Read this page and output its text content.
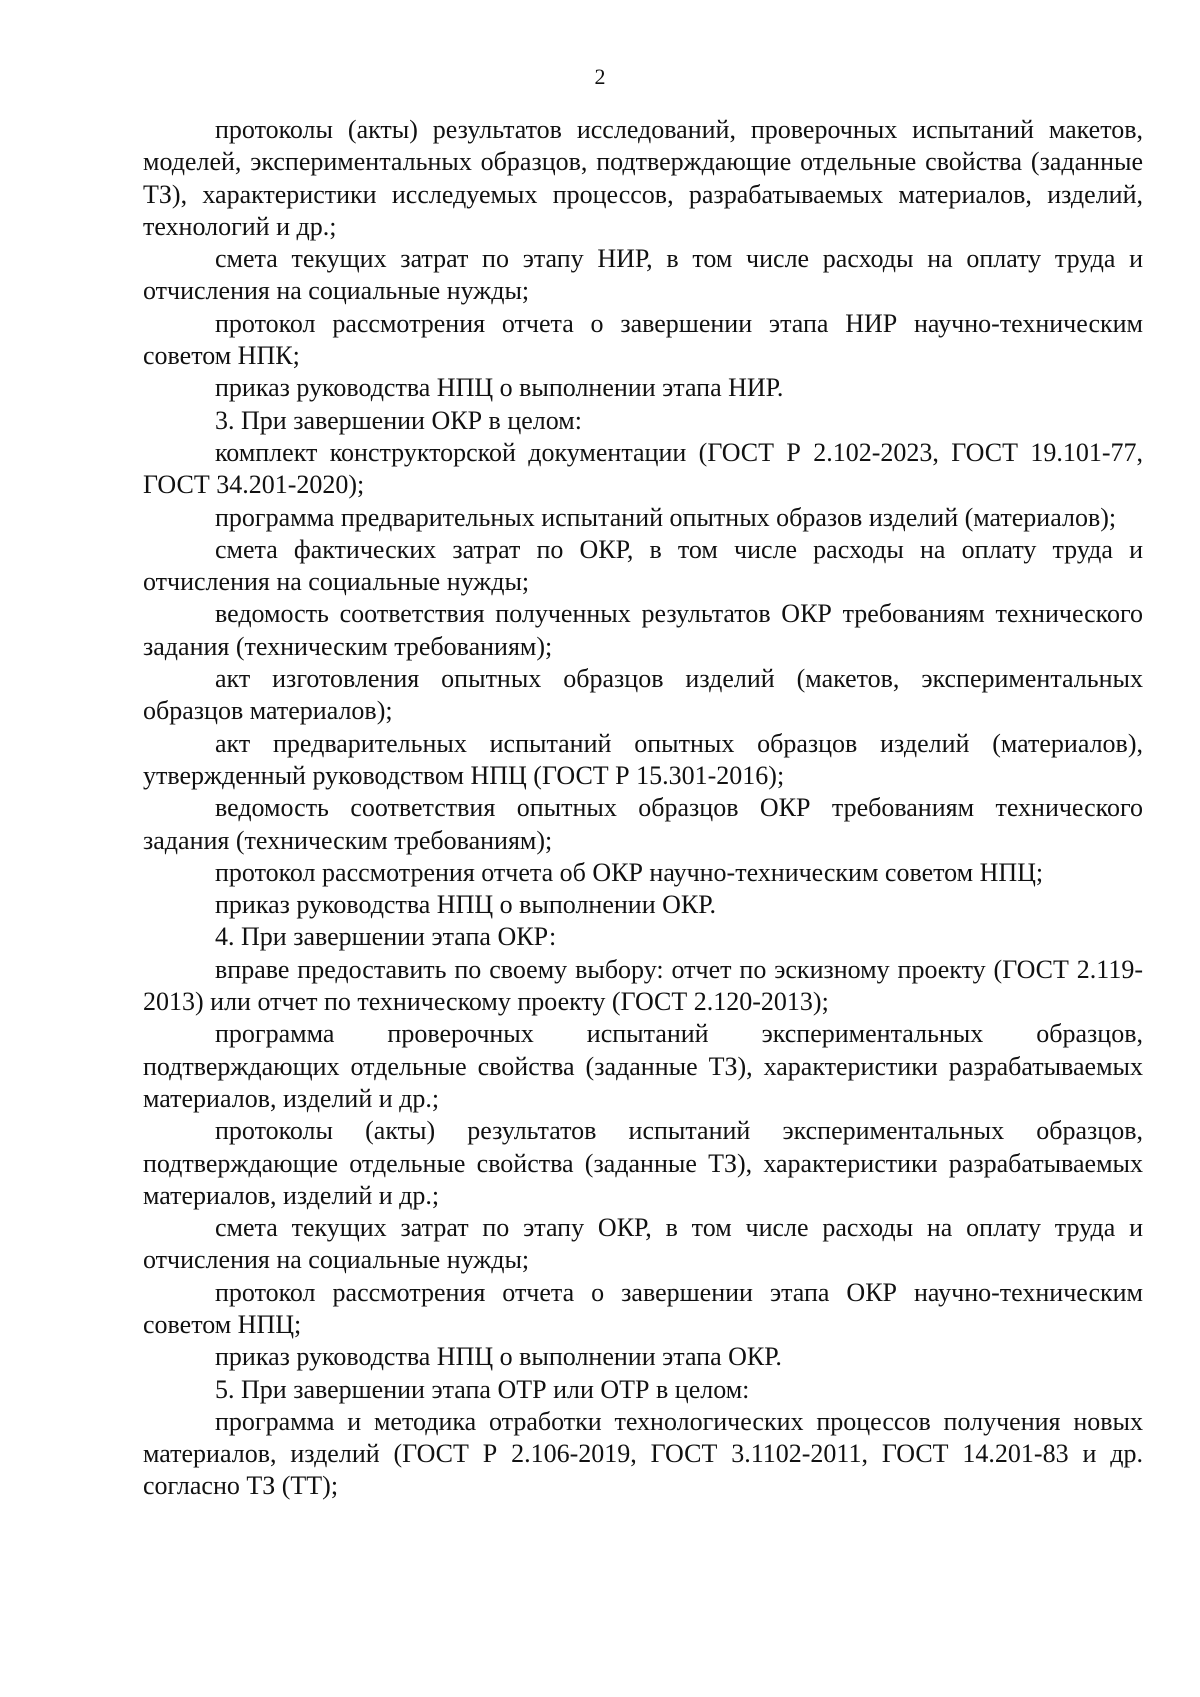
2

протоколы (акты) результатов исследований, проверочных испытаний макетов, моделей, экспериментальных образцов, подтверждающие отдельные свойства (заданные ТЗ), характеристики исследуемых процессов, разрабатываемых материалов, изделий, технологий и др.;

смета текущих затрат по этапу НИР, в том числе расходы на оплату труда и отчисления на социальные нужды;

протокол рассмотрения отчета о завершении этапа НИР научно-техническим советом НПК;

приказ руководства НПЦ о выполнении этапа НИР.

3. При завершении ОКР в целом:

комплект конструкторской документации (ГОСТ Р 2.102-2023, ГОСТ 19.101-77, ГОСТ 34.201-2020);

программа предварительных испытаний опытных образов изделий (материалов);

смета фактических затрат по ОКР, в том числе расходы на оплату труда и отчисления на социальные нужды;

ведомость соответствия полученных результатов ОКР требованиям технического задания (техническим требованиям);

акт изготовления опытных образцов изделий (макетов, экспериментальных образцов материалов);

акт предварительных испытаний опытных образцов изделий (материалов), утвержденный руководством НПЦ (ГОСТ Р 15.301-2016);

ведомость соответствия опытных образцов ОКР требованиям технического задания (техническим требованиям);

протокол рассмотрения отчета об ОКР научно-техническим советом НПЦ;

приказ руководства НПЦ о выполнении ОКР.

4. При завершении этапа ОКР:

вправе предоставить по своему выбору: отчет по эскизному проекту (ГОСТ 2.119-2013) или отчет по техническому проекту (ГОСТ 2.120-2013);

программа проверочных испытаний экспериментальных образцов, подтверждающих отдельные свойства (заданные ТЗ), характеристики разрабатываемых материалов, изделий и др.;

протоколы (акты) результатов испытаний экспериментальных образцов, подтверждающие отдельные свойства (заданные ТЗ), характеристики разрабатываемых материалов, изделий и др.;

смета текущих затрат по этапу ОКР, в том числе расходы на оплату труда и отчисления на социальные нужды;

протокол рассмотрения отчета о завершении этапа ОКР научно-техническим советом НПЦ;

приказ руководства НПЦ о выполнении этапа ОКР.

5. При завершении этапа ОТР или ОТР в целом:

программа и методика отработки технологических процессов получения новых материалов, изделий (ГОСТ Р 2.106-2019, ГОСТ 3.1102-2011, ГОСТ 14.201-83 и др. согласно ТЗ (ТТ);
